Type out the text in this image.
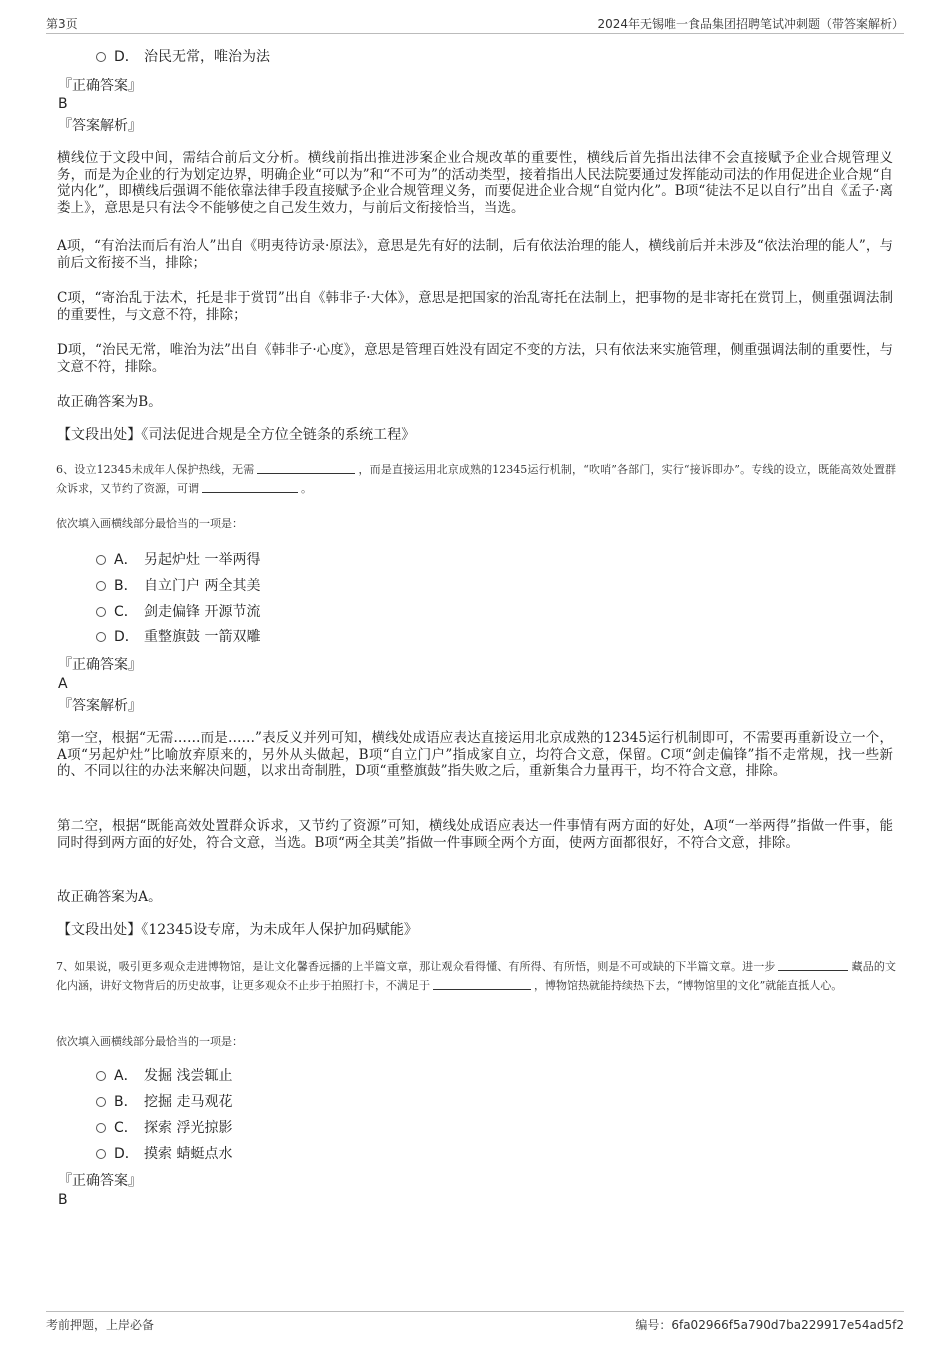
第3页	2024年无锡唯一食品集团招聘笔试冲刺题（带答案解析）
D． 治民无常，唯治为法
『正确答案』
B
『答案解析』
横线位于文段中间，需结合前后文分析。横线前指出推进涉案企业合规改革的重要性，横线后首先指出法律不会直接赋予企业合规管理义务，而是为企业的行为划定边界，明确企业“可以为”和“不可为”的活动类型，接着指出人民法院要通过发挥能动司法的作用促进企业合规“自觉内化”，即横线后强调不能依靠法律手段直接赋予企业合规管理义务，而要促进企业合规“自觉内化”。B项“徒法不足以自行”出自《孟子·离娄上》，意思是只有法令不能够使之自己发生效力，与前后文衔接恰当，当选。
A项，“有治法而后有治人”出自《明夷待访录·原法》，意思是先有好的法制，后有依法治理的能人，横线前后并未涉及“依法治理的能人”，与前后文衔接不当，排除；
C项，“寄治乱于法术，托是非于赏罚”出自《韩非子·大体》，意思是把国家的治乱寄托在法制上，把事物的是非寄托在赏罚上，侧重强调法制的重要性，与文意不符，排除；
D项，“治民无常，唯治为法”出自《韩非子·心度》，意思是管理百姓没有固定不变的方法，只有依法来实施管理，侧重强调法制的重要性，与文意不符，排除。
故正确答案为B。
【文段出处】《司法促进合规是全方位全链条的系统工程》
6、设立12345未成年人保护热线，无需	，而是直接运用北京成熟的12345运行机制，“吹哨”各部门，实行“接诉即办”。专线的设立，既能高效处置群众诉求，又节约了资源，可谓	。
依次填入画横线部分最恰当的一项是：
A． 另起炉灶 一举两得
B． 自立门户 两全其美
C． 剑走偏锋 开源节流
D． 重整旗鼓 一箭双雕
『正确答案』
A
『答案解析』
第一空，根据“无需……而是……”表反义并列可知，横线处成语应表达直接运用北京成熟的12345运行机制即可，不需要再重新设立一个，A项“另起炉灶”比喻放弃原来的，另外从头做起，B项“自立门户”指成家自立，均符合文意，保留。C项“剑走偏锋”指不走常规，找一些新的、不同以往的办法来解决问题，以求出奇制胜，D项“重整旗鼓”指失败之后，重新集合力量再干，均不符合文意，排除。
第二空，根据“既能高效处置群众诉求，又节约了资源”可知，横线处成语应表达一件事情有两方面的好处，A项“一举两得”指做一件事，能同时得到两方面的好处，符合文意，当选。B项“两全其美”指做一件事顾全两个方面，使两方面都很好，不符合文意，排除。
故正确答案为A。
【文段出处】《12345设专席，为未成年人保护加码赋能》
7、如果说，吸引更多观众走进博物馆，是让文化馨香远播的上半篇文章，那让观众看得懂、有所得、有所悟，则是不可或缺的下半篇文章。进一步	藏品的文化内涵，讲好文物背后的历史故事，让更多观众不止步于拍照打卡，不满足于	，博物馆热就能持续热下去，“博物馆里的文化”就能直抵人心。
依次填入画横线部分最恰当的一项是：
A． 发掘 浅尝辄止
B． 挖掘 走马观花
C． 探索 浮光掠影
D． 摸索 蜻蜓点水
『正确答案』
B
考前押题，上岸必备	编号：6fa02966f5a790d7ba229917e54ad5f2
